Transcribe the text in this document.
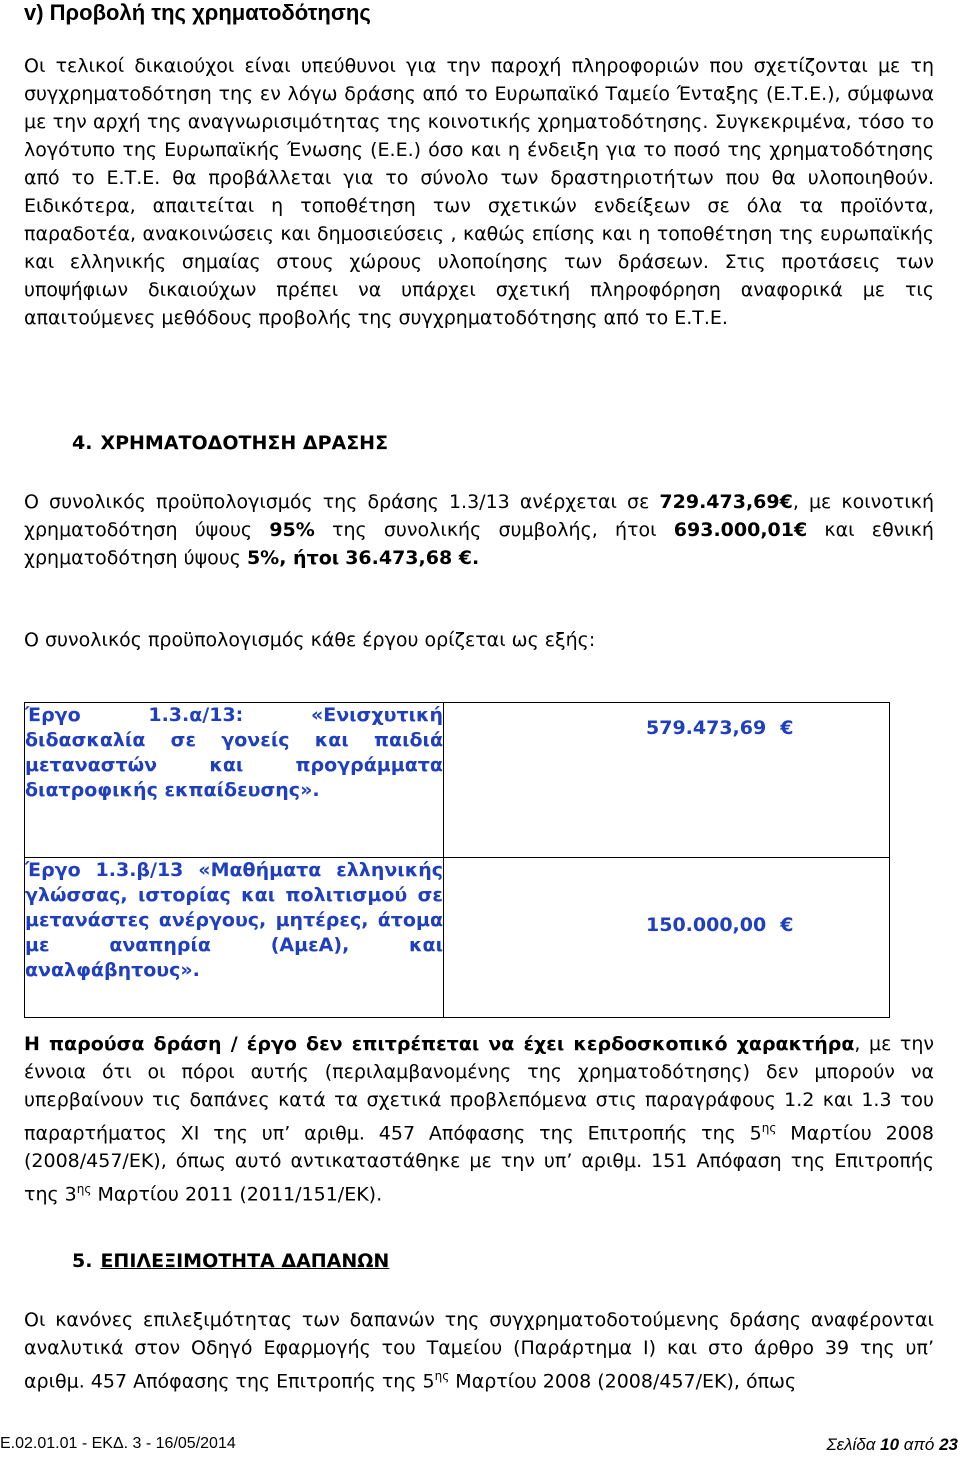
v) Προβολή της χρηματοδότησης

Οι τελικοί δικαιούχοι είναι υπεύθυνοι για την παροχή πληροφοριών που σχετίζονται με τη συγχρηματοδότηση της εν λόγω δράσης από το Ευρωπαϊκό Ταμείο Ένταξης (Ε.Τ.Ε.), σύμφωνα με την αρχή της αναγνωρισιμότητας της κοινοτικής χρηματοδότησης. Συγκεκριμένα, τόσο το λογότυπο της Ευρωπαϊκής Ένωσης (Ε.Ε.) όσο και η ένδειξη για το ποσό της χρηματοδότησης από το Ε.Τ.Ε. θα προβάλλεται για το σύνολο των δραστηριοτήτων που θα υλοποιηθούν. Ειδικότερα, απαιτείται η τοποθέτηση των σχετικών ενδείξεων σε όλα τα προϊόντα, παραδοτέα, ανακοινώσεις και δημοσιεύσεις , καθώς επίσης και η τοποθέτηση της ευρωπαϊκής και ελληνικής σημαίας στους χώρους υλοποίησης των δράσεων. Στις προτάσεις των υποψήφιων δικαιούχων πρέπει να υπάρχει σχετική πληροφόρηση αναφορικά με τις απαιτούμενες μεθόδους προβολής της συγχρηματοδότησης από το Ε.Τ.Ε.

4. ΧΡΗΜΑΤΟΔΟΤΗΣΗ ΔΡΑΣΗΣ

Ο συνολικός προϋπολογισμός της δράσης 1.3/13 ανέρχεται σε 729.473,69€, με κοινοτική χρηματοδότηση ύψους 95% της συνολικής συμβολής, ήτοι 693.000,01€ και εθνική χρηματοδότηση ύψους 5%, ήτοι 36.473,68 €.

Ο συνολικός προϋπολογισμός κάθε έργου ορίζεται ως εξής:

Έργο 1.3.α/13: «Ενισχυτική διδασκαλία σε γονείς και παιδιά μεταναστών και προγράμματα διατροφικής εκπαίδευσης».	579.473,69 €
Έργο 1.3.β/13 «Μαθήματα ελληνικής γλώσσας, ιστορίας και πολιτισμού σε μετανάστες ανέργους, μητέρες, άτομα με αναπηρία (ΑμεΑ), και αναλφάβητους».	150.000,00 €

Η παρούσα δράση / έργο δεν επιτρέπεται να έχει κερδοσκοπικό χαρακτήρα, με την έννοια ότι οι πόροι αυτής (περιλαμβανομένης της χρηματοδότησης) δεν μπορούν να υπερβαίνουν τις δαπάνες κατά τα σχετικά προβλεπόμενα στις παραγράφους 1.2 και 1.3 του παραρτήματος XI της υπ’ αριθμ. 457 Απόφασης της Επιτροπής της $5^{\eta\varsigma}$ Μαρτίου 2008 (2008/457/ΕΚ), όπως αυτό αντικαταστάθηκε με την υπ’ αριθμ. 151 Απόφαση της Επιτροπής της $3^{\eta\varsigma}$ Μαρτίου 2011 (2011/151/ΕΚ).

5. ΕΠΙΛΕΞΙΜΟΤΗΤΑ ΔΑΠΑΝΩΝ

Οι κανόνες επιλεξιμότητας των δαπανών της συγχρηματοδοτούμενης δράσης αναφέρονται αναλυτικά στον Οδηγό Εφαρμογής του Ταμείου (Παράρτημα Ι) και στο άρθρο 39 της υπ’ αριθμ. 457 Απόφασης της Επιτροπής της $5^{\eta\varsigma}$ Μαρτίου 2008 (2008/457/ΕΚ), όπως

Ε.02.01.01 - ΕΚΔ. 3 - 16/05/2014	Σελίδα 10 από 23
